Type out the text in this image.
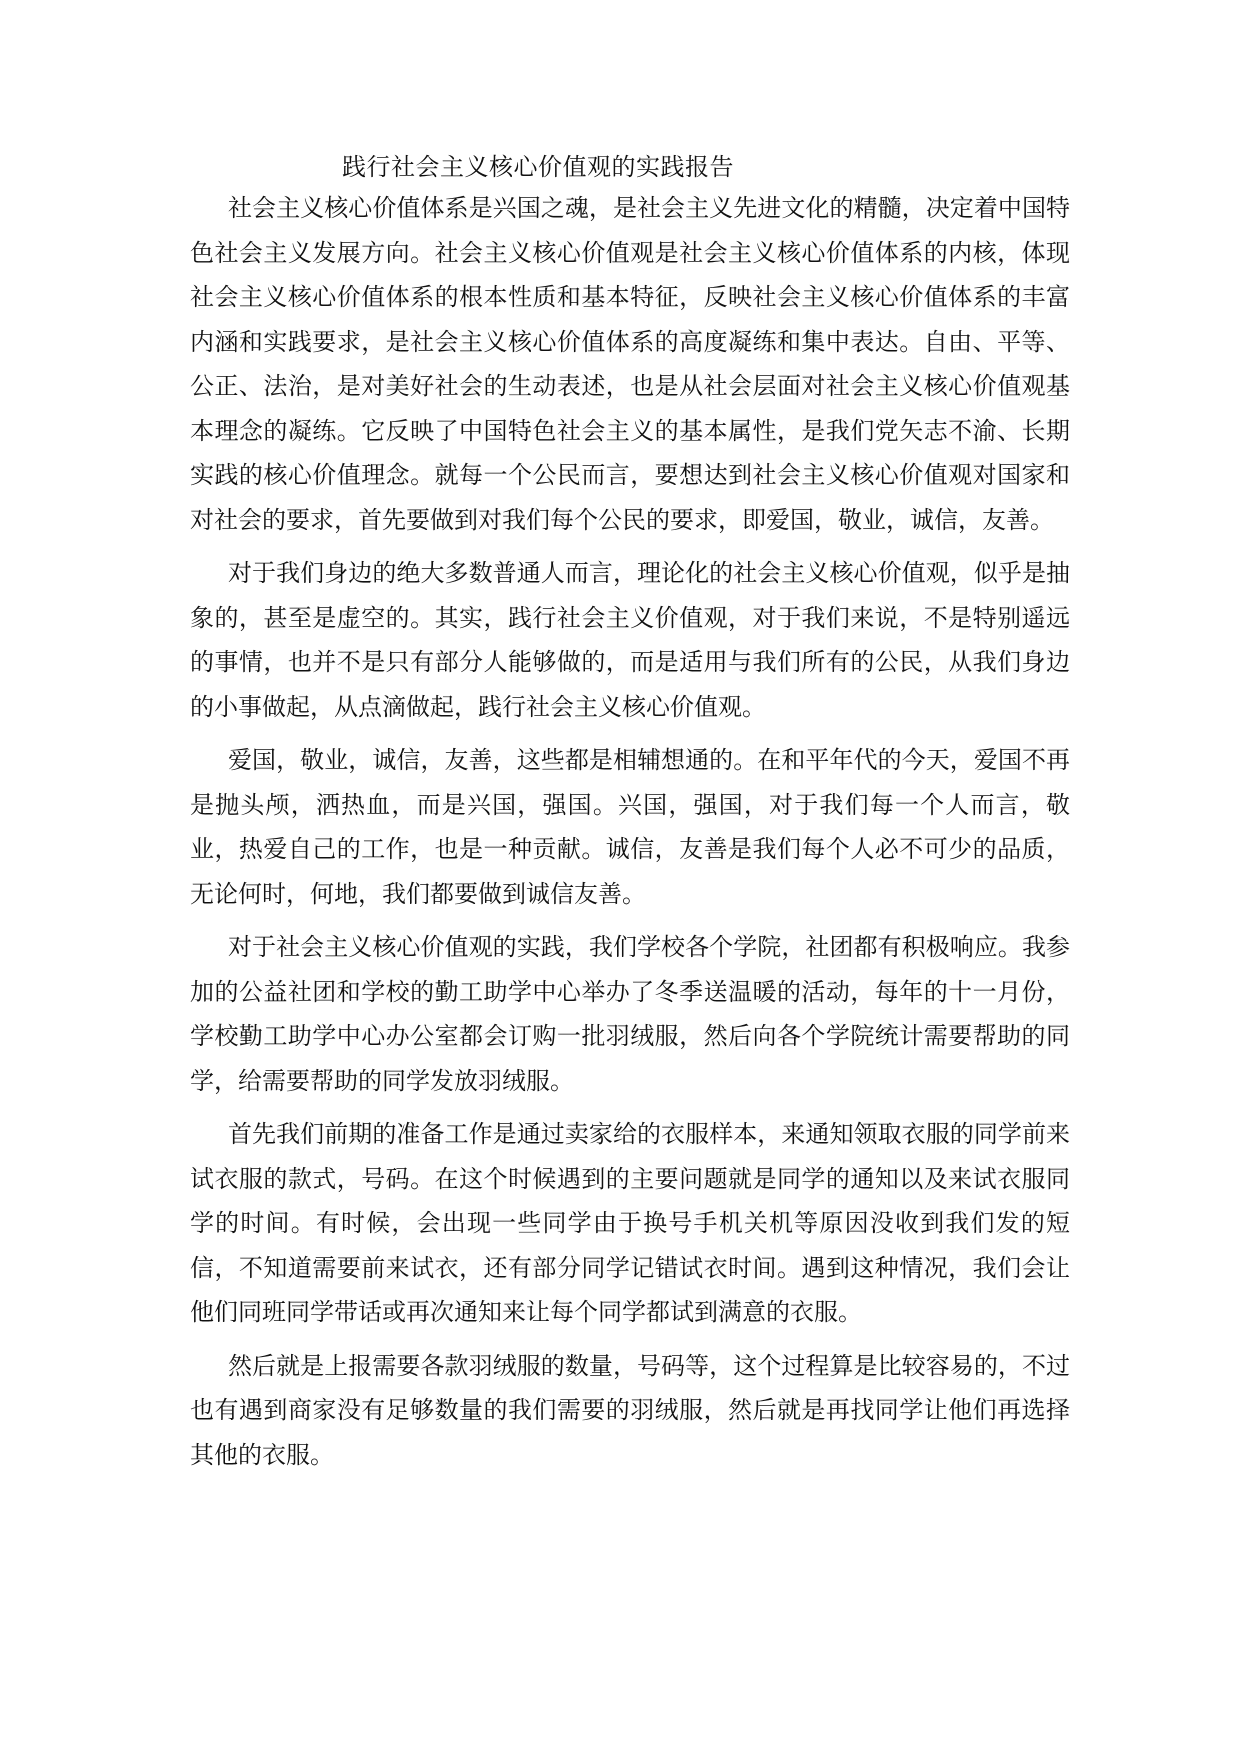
践行社会主义核心价值观的实践报告

社会主义核心价值体系是兴国之魂，是社会主义先进文化的精髓，决定着中国特色社会主义发展方向。社会主义核心价值观是社会主义核心价值体系的内核，体现社会主义核心价值体系的根本性质和基本特征，反映社会主义核心价值体系的丰富内涵和实践要求，是社会主义核心价值体系的高度凝练和集中表达。自由、平等、公正、法治，是对美好社会的生动表述，也是从社会层面对社会主义核心价值观基本理念的凝练。它反映了中国特色社会主义的基本属性，是我们党矢志不渝、长期实践的核心价值理念。就每一个公民而言，要想达到社会主义核心价值观对国家和对社会的要求，首先要做到对我们每个公民的要求，即爱国，敬业，诚信，友善。

对于我们身边的绝大多数普通人而言，理论化的社会主义核心价值观，似乎是抽象的，甚至是虚空的。其实，践行社会主义价值观，对于我们来说，不是特别遥远的事情，也并不是只有部分人能够做的，而是适用与我们所有的公民，从我们身边的小事做起，从点滴做起，践行社会主义核心价值观。

爱国，敬业，诚信，友善，这些都是相辅想通的。在和平年代的今天，爱国不再是抛头颅，洒热血，而是兴国，强国。兴国，强国，对于我们每一个人而言，敬业，热爱自己的工作，也是一种贡献。诚信，友善是我们每个人必不可少的品质，无论何时，何地，我们都要做到诚信友善。

对于社会主义核心价值观的实践，我们学校各个学院，社团都有积极响应。我参加的公益社团和学校的勤工助学中心举办了冬季送温暖的活动，每年的十一月份，学校勤工助学中心办公室都会订购一批羽绒服，然后向各个学院统计需要帮助的同学，给需要帮助的同学发放羽绒服。

首先我们前期的准备工作是通过卖家给的衣服样本，来通知领取衣服的同学前来试衣服的款式，号码。在这个时候遇到的主要问题就是同学的通知以及来试衣服同学的时间。有时候，会出现一些同学由于换号手机关机等原因没收到我们发的短信，不知道需要前来试衣，还有部分同学记错试衣时间。遇到这种情况，我们会让他们同班同学带话或再次通知来让每个同学都试到满意的衣服。

然后就是上报需要各款羽绒服的数量，号码等，这个过程算是比较容易的，不过也有遇到商家没有足够数量的我们需要的羽绒服，然后就是再找同学让他们再选择其他的衣服。
